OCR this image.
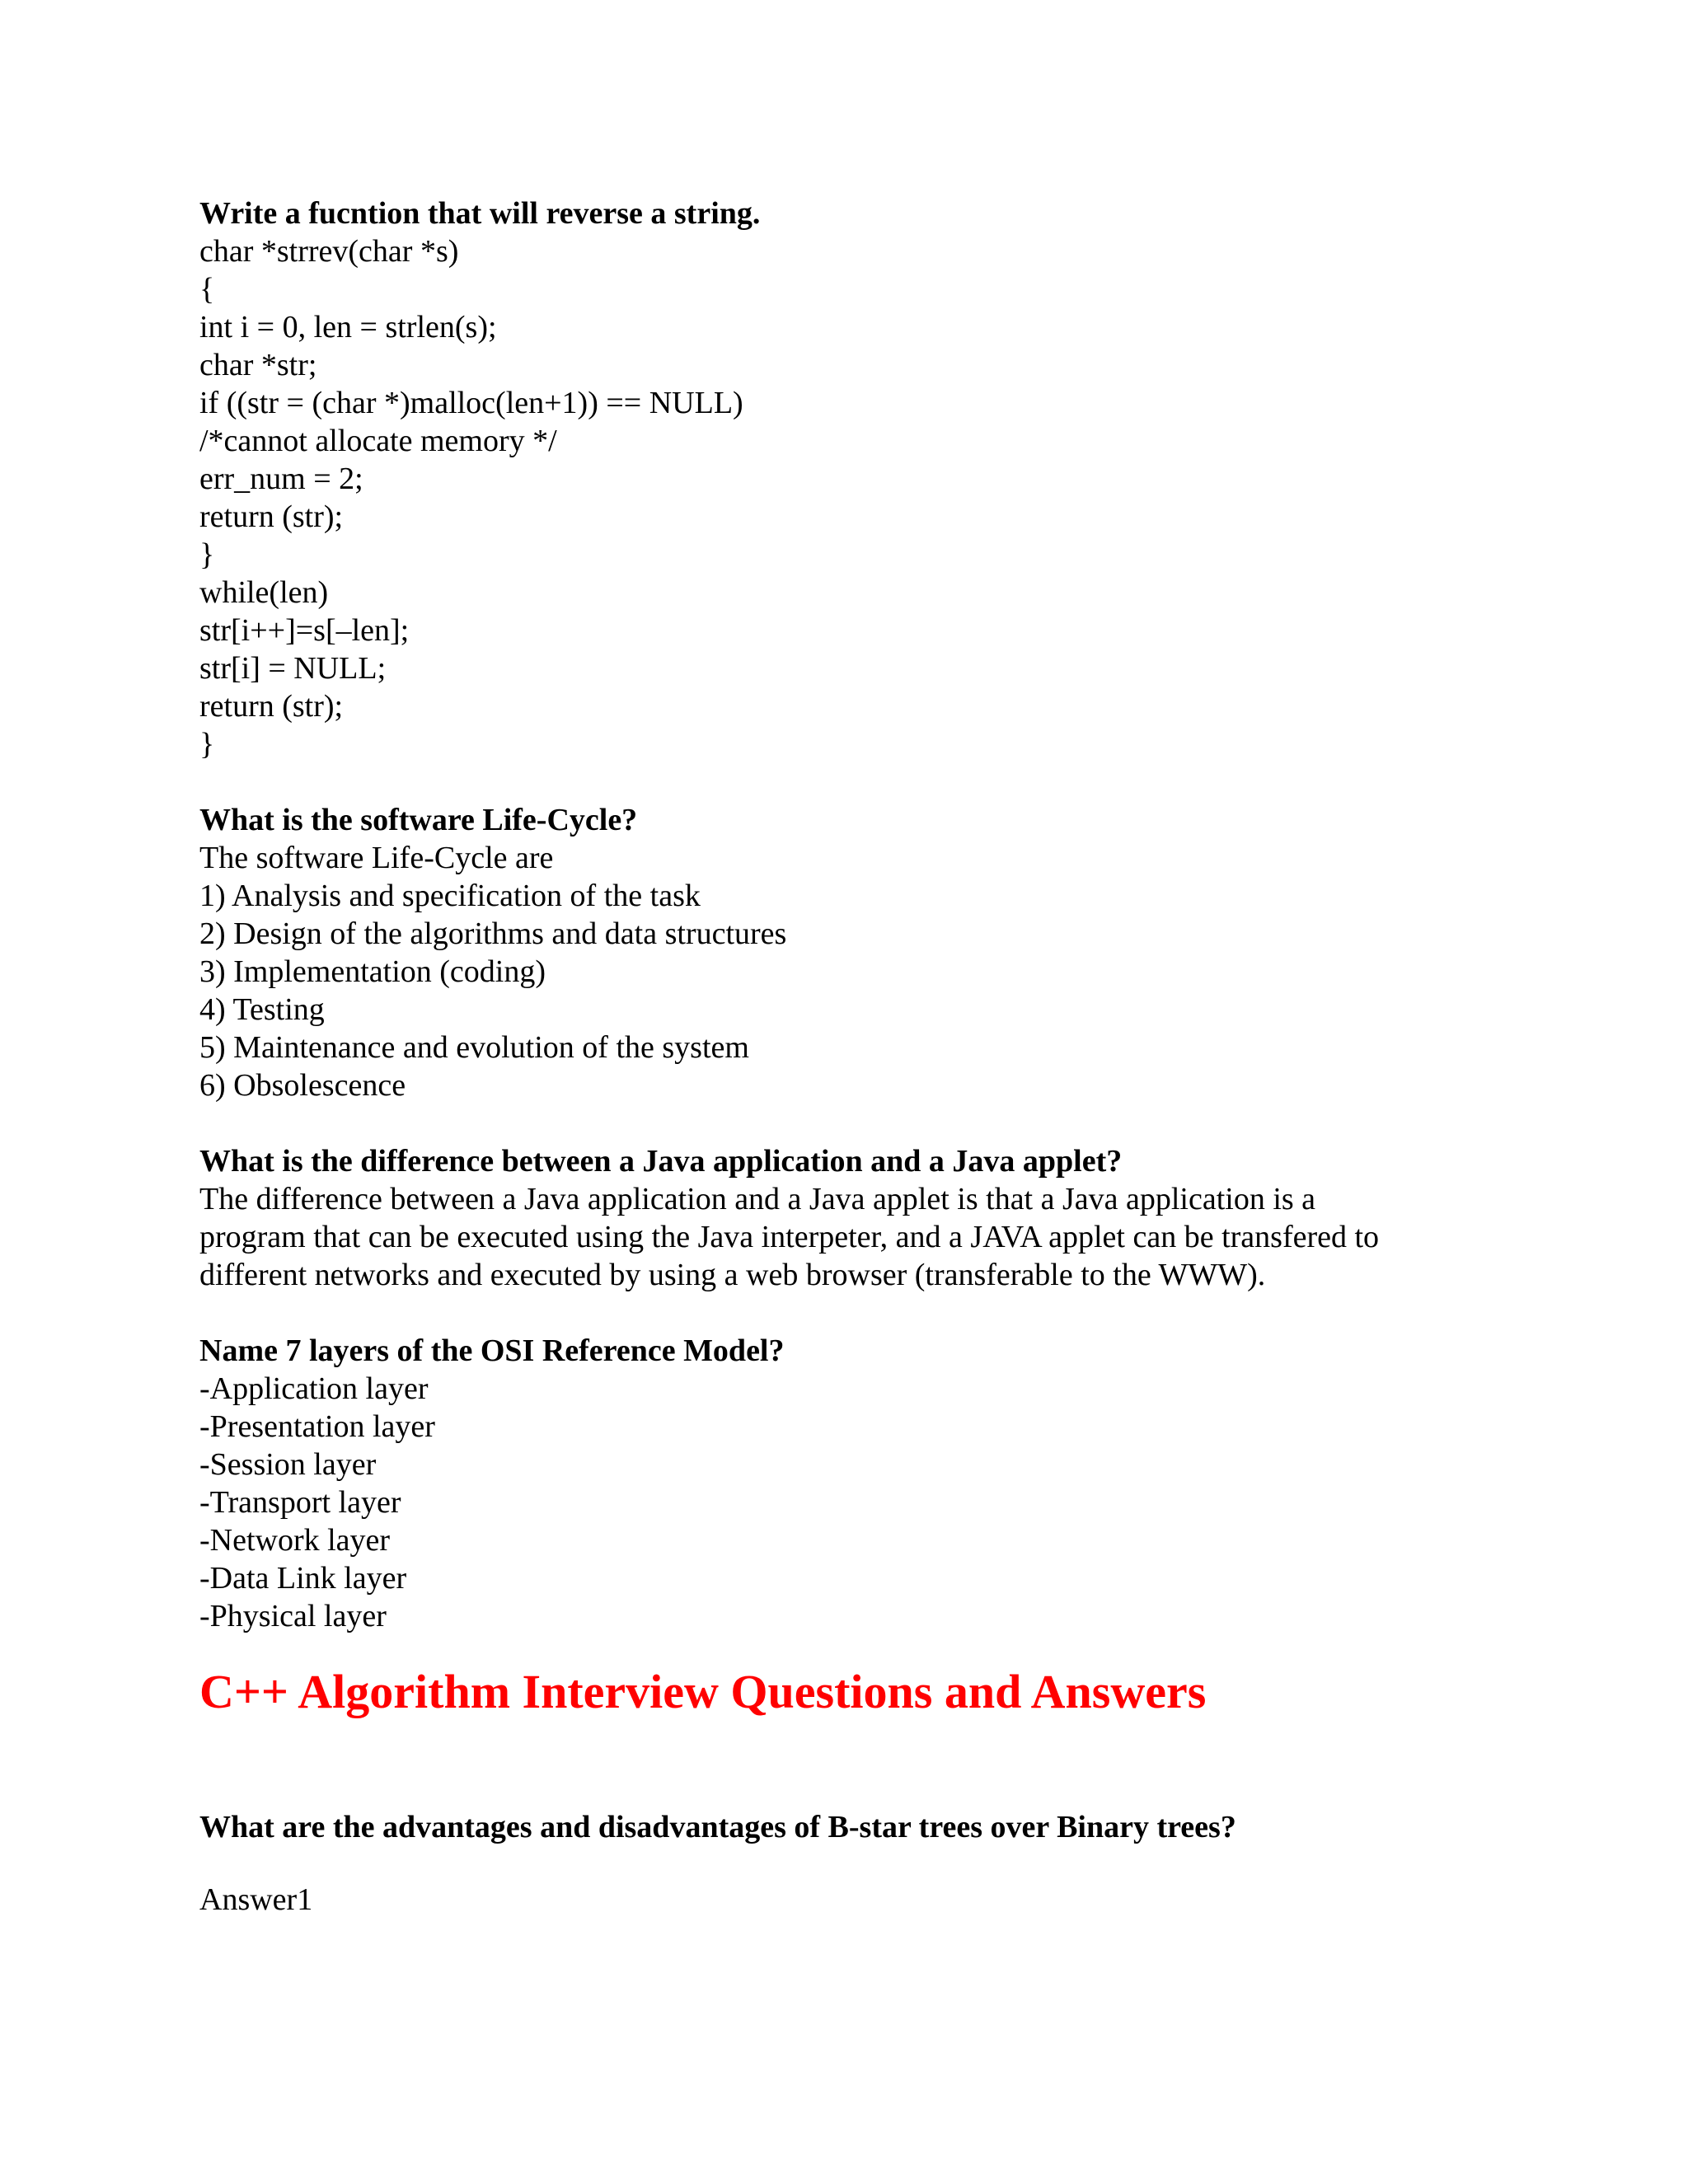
Write a fucntion that will reverse a string.
char *strrev(char *s)
{
int i = 0, len = strlen(s);
char *str;
if ((str = (char *)malloc(len+1)) == NULL)
/*cannot allocate memory */
err_num = 2;
return (str);
}
while(len)
str[i++]=s[–len];
str[i] = NULL;
return (str);
}
What is the software Life-Cycle?
The software Life-Cycle are
1) Analysis and specification of the task
2) Design of the algorithms and data structures
3) Implementation (coding)
4) Testing
5) Maintenance and evolution of the system
6) Obsolescence
What is the difference between a Java application and a Java applet?
The difference between a Java application and a Java applet is that a Java application is a
program that can be executed using the Java interpeter, and a JAVA applet can be transfered to
different networks and executed by using a web browser (transferable to the WWW).
Name 7 layers of the OSI Reference Model?
-Application layer
-Presentation layer
-Session layer
-Transport layer
-Network layer
-Data Link layer
-Physical layer
C++ Algorithm Interview Questions and Answers
What are the advantages and disadvantages of B-star trees over Binary trees?
Answer1
